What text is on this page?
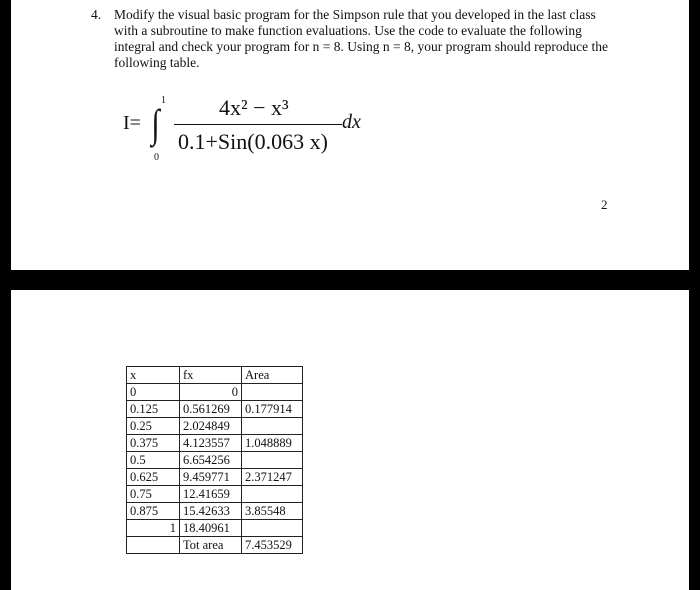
4. Modify the visual basic program for the Simpson rule that you developed in the last class

with a subroutine to make function evaluations. Use the code to evaluate the following

integral and check your program for n = 8. Using n = 8, your program should reproduce the

following table.

I= ∫
1
0
4x² − x³
0.1+Sin(0.063 x)
dx
2
x	fx	Area
0	0	
0.125	0.561269	0.177914
0.25	2.024849	
0.375	4.123557	1.048889
0.5	6.654256	
0.625	9.459771	2.371247
0.75	12.41659	
0.875	15.42633	3.85548
1	18.40961	
	Tot area	7.453529
